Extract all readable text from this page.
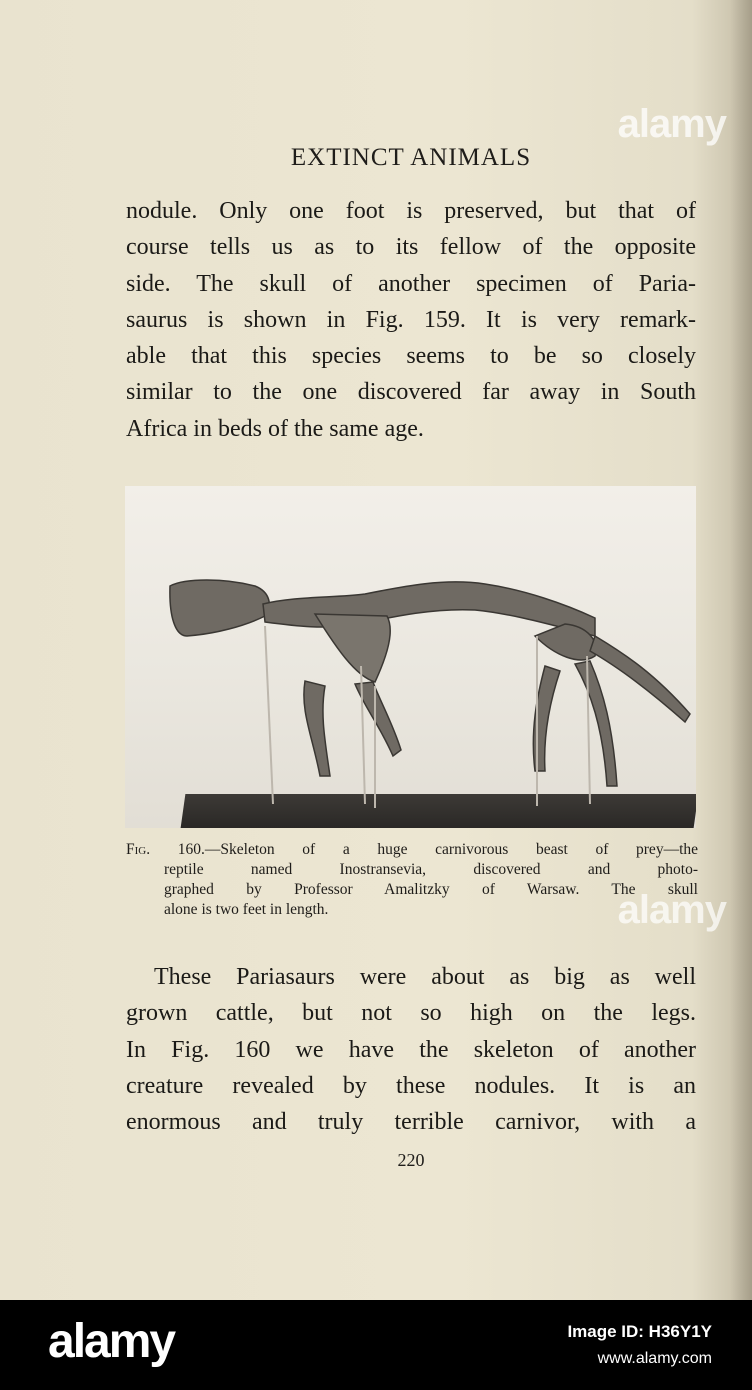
EXTINCT ANIMALS
nodule. Only one foot is preserved, but that of
course tells us as to its fellow of the opposite
side. The skull of another specimen of Paria-
saurus is shown in Fig. 159. It is very remark-
able that this species seems to be so closely
similar to the one discovered far away in South
Africa in beds of the same age.
Fig. 160.—Skeleton of a huge carnivorous beast of prey—the
reptile named Inostransevia, discovered and photo-
graphed by Professor Amalitzky of Warsaw. The skull
alone is two feet in length.
These Pariasaurs were about as big as well
grown cattle, but not so high on the legs.
In Fig. 160 we have the skeleton of another
creature revealed by these nodules. It is an
enormous and truly terrible carnivor, with a
220
alamy
alamy
alamy	Image ID: H36Y1Y
www.alamy.com
